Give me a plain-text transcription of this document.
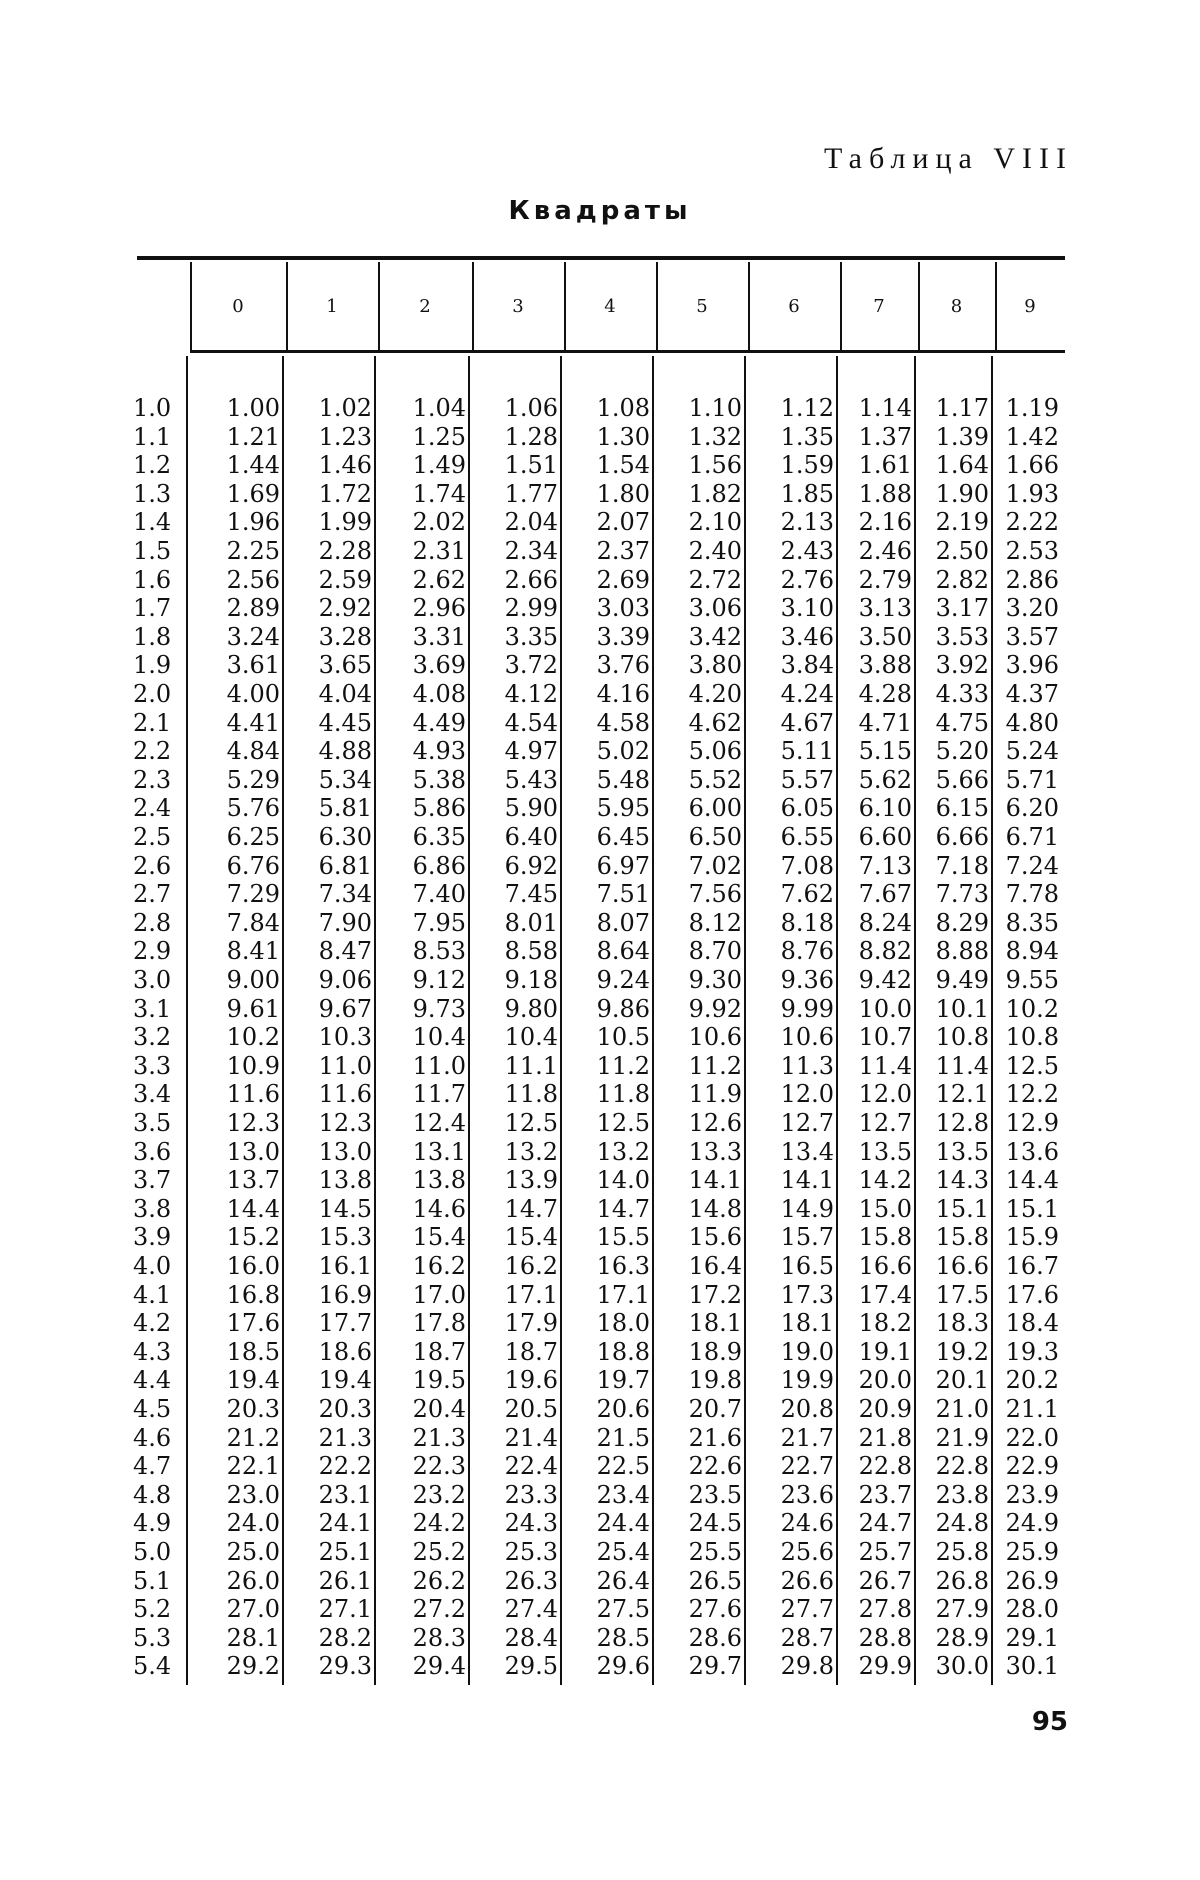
Таблица VIII
Квадраты
0	1	2	3	4	5	6	7	8	9
1.0	1.00	1.02	1.04	1.06	1.08	1.10	1.12	1.14 1.17 1.19
1.1	1.21	1.23	1.25	1.28	1.30	1.32	1.35	1.37 1.39 1.42
1.2	1.44	1.46	1.49	1.51	1.54	1.56	1.59	1.61 1.64 1.66
1.3	1.69	1.72	1.74	1.77	1.80	1.82	1.85	1.88 1.90 1.93
1.4	1.96	1.99	2.02	2.04	2.07	2.10	2.13	2.16 2.19 2.22
1.5	2.25	2.28	2.31	2.34	2.37	2.40	2.43	2.46 2.50 2.53
1.6	2.56	2.59	2.62	2.66	2.69	2.72	2.76	2.79 2.82 2.86
1.7	2.89	2.92	2.96	2.99	3.03	3.06	3.10	3.13 3.17 3.20
1.8	3.24	3.28	3.31	3.35	3.39	3.42	3.46	3.50 3.53 3.57
1.9	3.61	3.65	3.69	3.72	3.76	3.80	3.84	3.88 3.92 3.96
2.0	4.00	4.04	4.08	4.12	4.16	4.20	4.24	4.28 4.33 4.37
2.1	4.41	4.45	4.49	4.54	4.58	4.62	4.67	4.71 4.75 4.80
2.2	4.84	4.88	4.93	4.97	5.02	5.06	5.11	5.15 5.20 5.24
2.3	5.29	5.34	5.38	5.43	5.48	5.52	5.57	5.62 5.66 5.71
2.4	5.76	5.81	5.86	5.90	5.95	6.00	6.05	6.10 6.15 6.20
2.5	6.25	6.30	6.35	6.40	6.45	6.50	6.55	6.60 6.66 6.71
2.6	6.76	6.81	6.86	6.92	6.97	7.02	7.08	7.13 7.18 7.24
2.7	7.29	7.34	7.40	7.45	7.51	7.56	7.62	7.67 7.73 7.78
2.8	7.84	7.90	7.95	8.01	8.07	8.12	8.18	8.24 8.29 8.35
2.9	8.41	8.47	8.53	8.58	8.64	8.70	8.76	8.82 8.88 8.94
3.0	9.00	9.06	9.12	9.18	9.24	9.30	9.36	9.42 9.49 9.55
3.1	9.61	9.67	9.73	9.80	9.86	9.92	9.99	10.0 10.1 10.2
3.2	10.2	10.3	10.4	10.4	10.5	10.6	10.6	10.7 10.8 10.8
3.3	10.9	11.0	11.0	11.1	11.2	11.2	11.3	11.4 11.4 12.5
3.4	11.6	11.6	11.7	11.8	11.8	11.9	12.0	12.0 12.1 12.2
3.5	12.3	12.3	12.4	12.5	12.5	12.6	12.7	12.7 12.8 12.9
3.6	13.0	13.0	13.1	13.2	13.2	13.3	13.4	13.5 13.5 13.6
3.7	13.7	13.8	13.8	13.9	14.0	14.1	14.1	14.2 14.3 14.4
3.8	14.4	14.5	14.6	14.7	14.7	14.8	14.9	15.0 15.1 15.1
3.9	15.2	15.3	15.4	15.4	15.5	15.6	15.7	15.8 15.8 15.9
4.0	16.0	16.1	16.2	16.2	16.3	16.4	16.5	16.6 16.6 16.7
4.1	16.8	16.9	17.0	17.1	17.1	17.2	17.3	17.4 17.5 17.6
4.2	17.6	17.7	17.8	17.9	18.0	18.1	18.1	18.2 18.3 18.4
4.3	18.5	18.6	18.7	18.7	18.8	18.9	19.0	19.1 19.2 19.3
4.4	19.4	19.4	19.5	19.6	19.7	19.8	19.9	20.0 20.1 20.2
4.5	20.3	20.3	20.4	20.5	20.6	20.7	20.8	20.9 21.0 21.1
4.6	21.2	21.3	21.3	21.4	21.5	21.6	21.7	21.8 21.9 22.0
4.7	22.1	22.2	22.3	22.4	22.5	22.6	22.7	22.8 22.8 22.9
4.8	23.0	23.1	23.2	23.3	23.4	23.5	23.6	23.7 23.8 23.9
4.9	24.0	24.1	24.2	24.3	24.4	24.5	24.6	24.7 24.8 24.9
5.0	25.0	25.1	25.2	25.3	25.4	25.5	25.6	25.7 25.8 25.9
5.1	26.0	26.1	26.2	26.3	26.4	26.5	26.6	26.7 26.8 26.9
5.2	27.0	27.1	27.2	27.4	27.5	27.6	27.7	27.8 27.9 28.0
5.3	28.1	28.2	28.3	28.4	28.5	28.6	28.7	28.8 28.9 29.1
5.4	29.2	29.3	29.4	29.5	29.6	29.7	29.8	29.9 30.0 30.1
95
